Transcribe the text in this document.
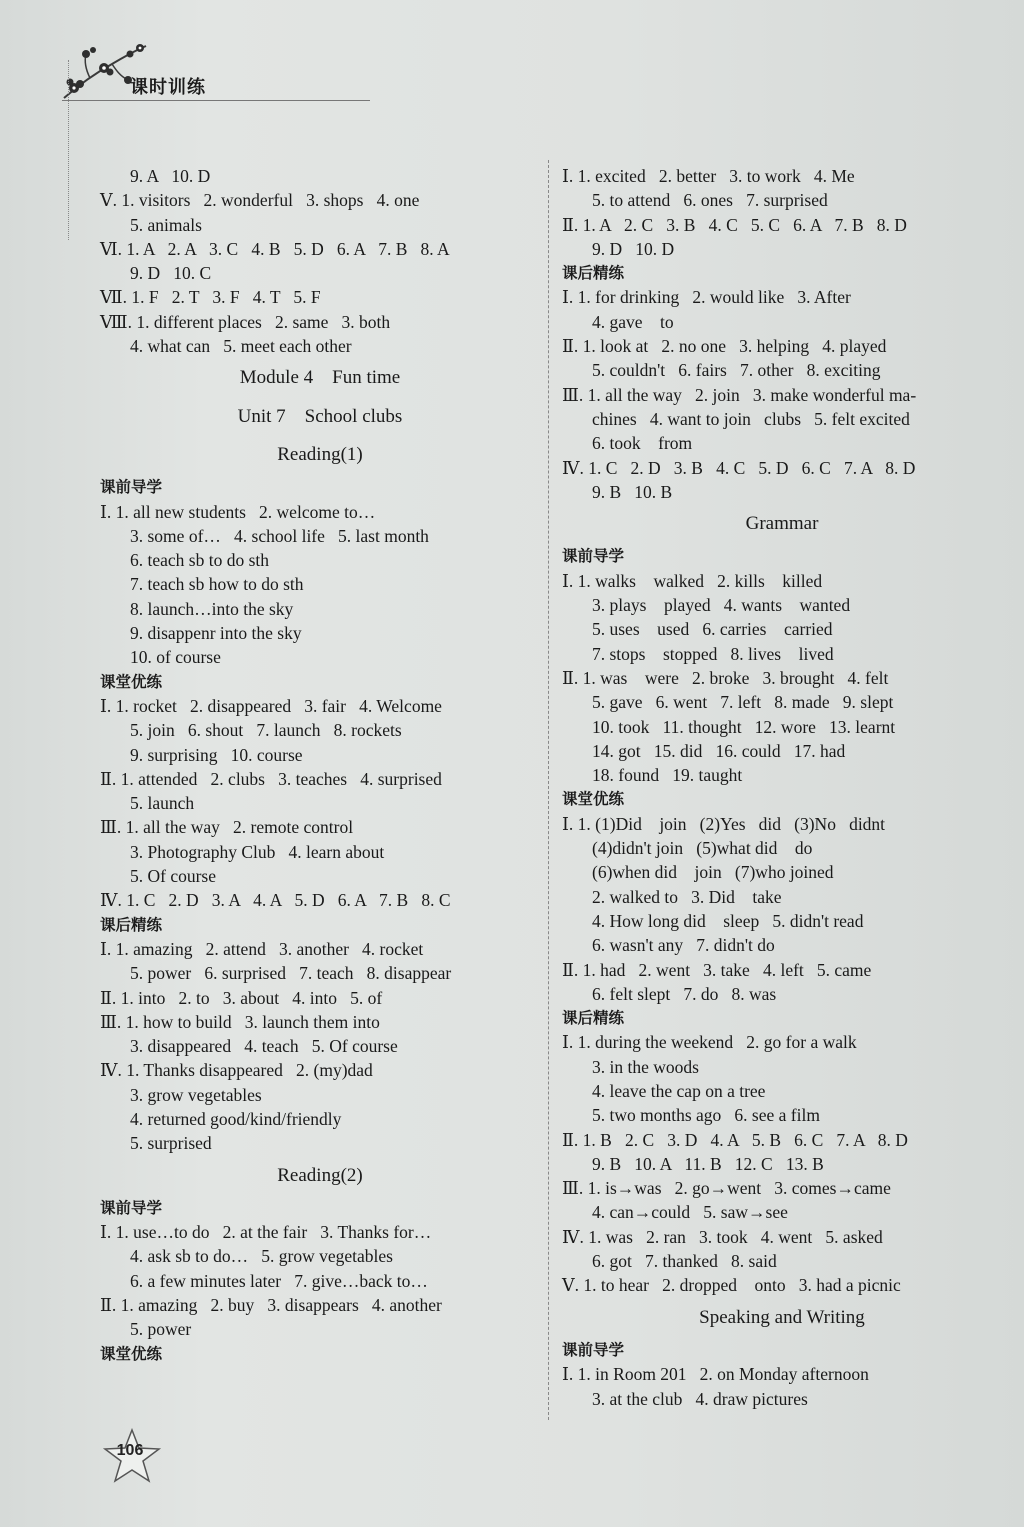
课时训练
9. A   10. D
Ⅴ. 1. visitors   2. wonderful   3. shops   4. one
5. animals
Ⅵ. 1. A   2. A   3. C   4. B   5. D   6. A   7. B   8. A
9. D   10. C
Ⅶ. 1. F   2. T   3. F   4. T   5. F
Ⅷ. 1. different places   2. same   3. both
4. what can   5. meet each other
Module 4    Fun time
Unit 7    School clubs
Reading(1)
课前导学
Ⅰ. 1. all new students   2. welcome to…
3. some of…   4. school life   5. last month
6. teach sb to do sth
7. teach sb how to do sth
8. launch…into the sky
9. disappenr into the sky
10. of course
课堂优练
Ⅰ. 1. rocket   2. disappeared   3. fair   4. Welcome
5. join   6. shout   7. launch   8. rockets
9. surprising   10. course
Ⅱ. 1. attended   2. clubs   3. teaches   4. surprised
5. launch
Ⅲ. 1. all the way   2. remote control
3. Photography Club   4. learn about
5. Of course
Ⅳ. 1. C   2. D   3. A   4. A   5. D   6. A   7. B   8. C
课后精练
Ⅰ. 1. amazing   2. attend   3. another   4. rocket
5. power   6. surprised   7. teach   8. disappear
Ⅱ. 1. into   2. to   3. about   4. into   5. of
Ⅲ. 1. how to build   3. launch them into
3. disappeared   4. teach   5. Of course
Ⅳ. 1. Thanks disappeared   2. (my)dad
3. grow vegetables
4. returned good/kind/friendly
5. surprised
Reading(2)
课前导学
Ⅰ. 1. use…to do   2. at the fair   3. Thanks for…
4. ask sb to do…   5. grow vegetables
6. a few minutes later   7. give…back to…
Ⅱ. 1. amazing   2. buy   3. disappears   4. another
5. power
课堂优练
Ⅰ. 1. excited   2. better   3. to work   4. Me
5. to attend   6. ones   7. surprised
Ⅱ. 1. A   2. C   3. B   4. C   5. C   6. A   7. B   8. D
9. D   10. D
课后精练
Ⅰ. 1. for drinking   2. would like   3. After
4. gave    to
Ⅱ. 1. look at   2. no one   3. helping   4. played
5. couldn't   6. fairs   7. other   8. exciting
Ⅲ. 1. all the way   2. join   3. make wonderful ma-
chines   4. want to join   clubs   5. felt excited
6. took    from
Ⅳ. 1. C   2. D   3. B   4. C   5. D   6. C   7. A   8. D
9. B   10. B
Grammar
课前导学
Ⅰ. 1. walks    walked   2. kills    killed
3. plays    played   4. wants    wanted
5. uses    used   6. carries    carried
7. stops    stopped   8. lives    lived
Ⅱ. 1. was    were   2. broke   3. brought   4. felt
5. gave   6. went   7. left   8. made   9. slept
10. took   11. thought   12. wore   13. learnt
14. got   15. did   16. could   17. had
18. found   19. taught
课堂优练
Ⅰ. 1. (1)Did    join   (2)Yes   did   (3)No   didnt
(4)didn't join   (5)what did    do
(6)when did    join   (7)who joined
2. walked to   3. Did    take
4. How long did    sleep   5. didn't read
6. wasn't any   7. didn't do
Ⅱ. 1. had   2. went   3. take   4. left   5. came
6. felt slept   7. do   8. was
课后精练
Ⅰ. 1. during the weekend   2. go for a walk
3. in the woods
4. leave the cap on a tree
5. two months ago   6. see a film
Ⅱ. 1. B   2. C   3. D   4. A   5. B   6. C   7. A   8. D
9. B   10. A   11. B   12. C   13. B
Ⅲ. 1. is→was   2. go→went   3. comes→came
4. can→could   5. saw→see
Ⅳ. 1. was   2. ran   3. took   4. went   5. asked
6. got   7. thanked   8. said
Ⅴ. 1. to hear   2. dropped    onto   3. had a picnic
Speaking and Writing
课前导学
Ⅰ. 1. in Room 201   2. on Monday afternoon
3. at the club   4. draw pictures
106
